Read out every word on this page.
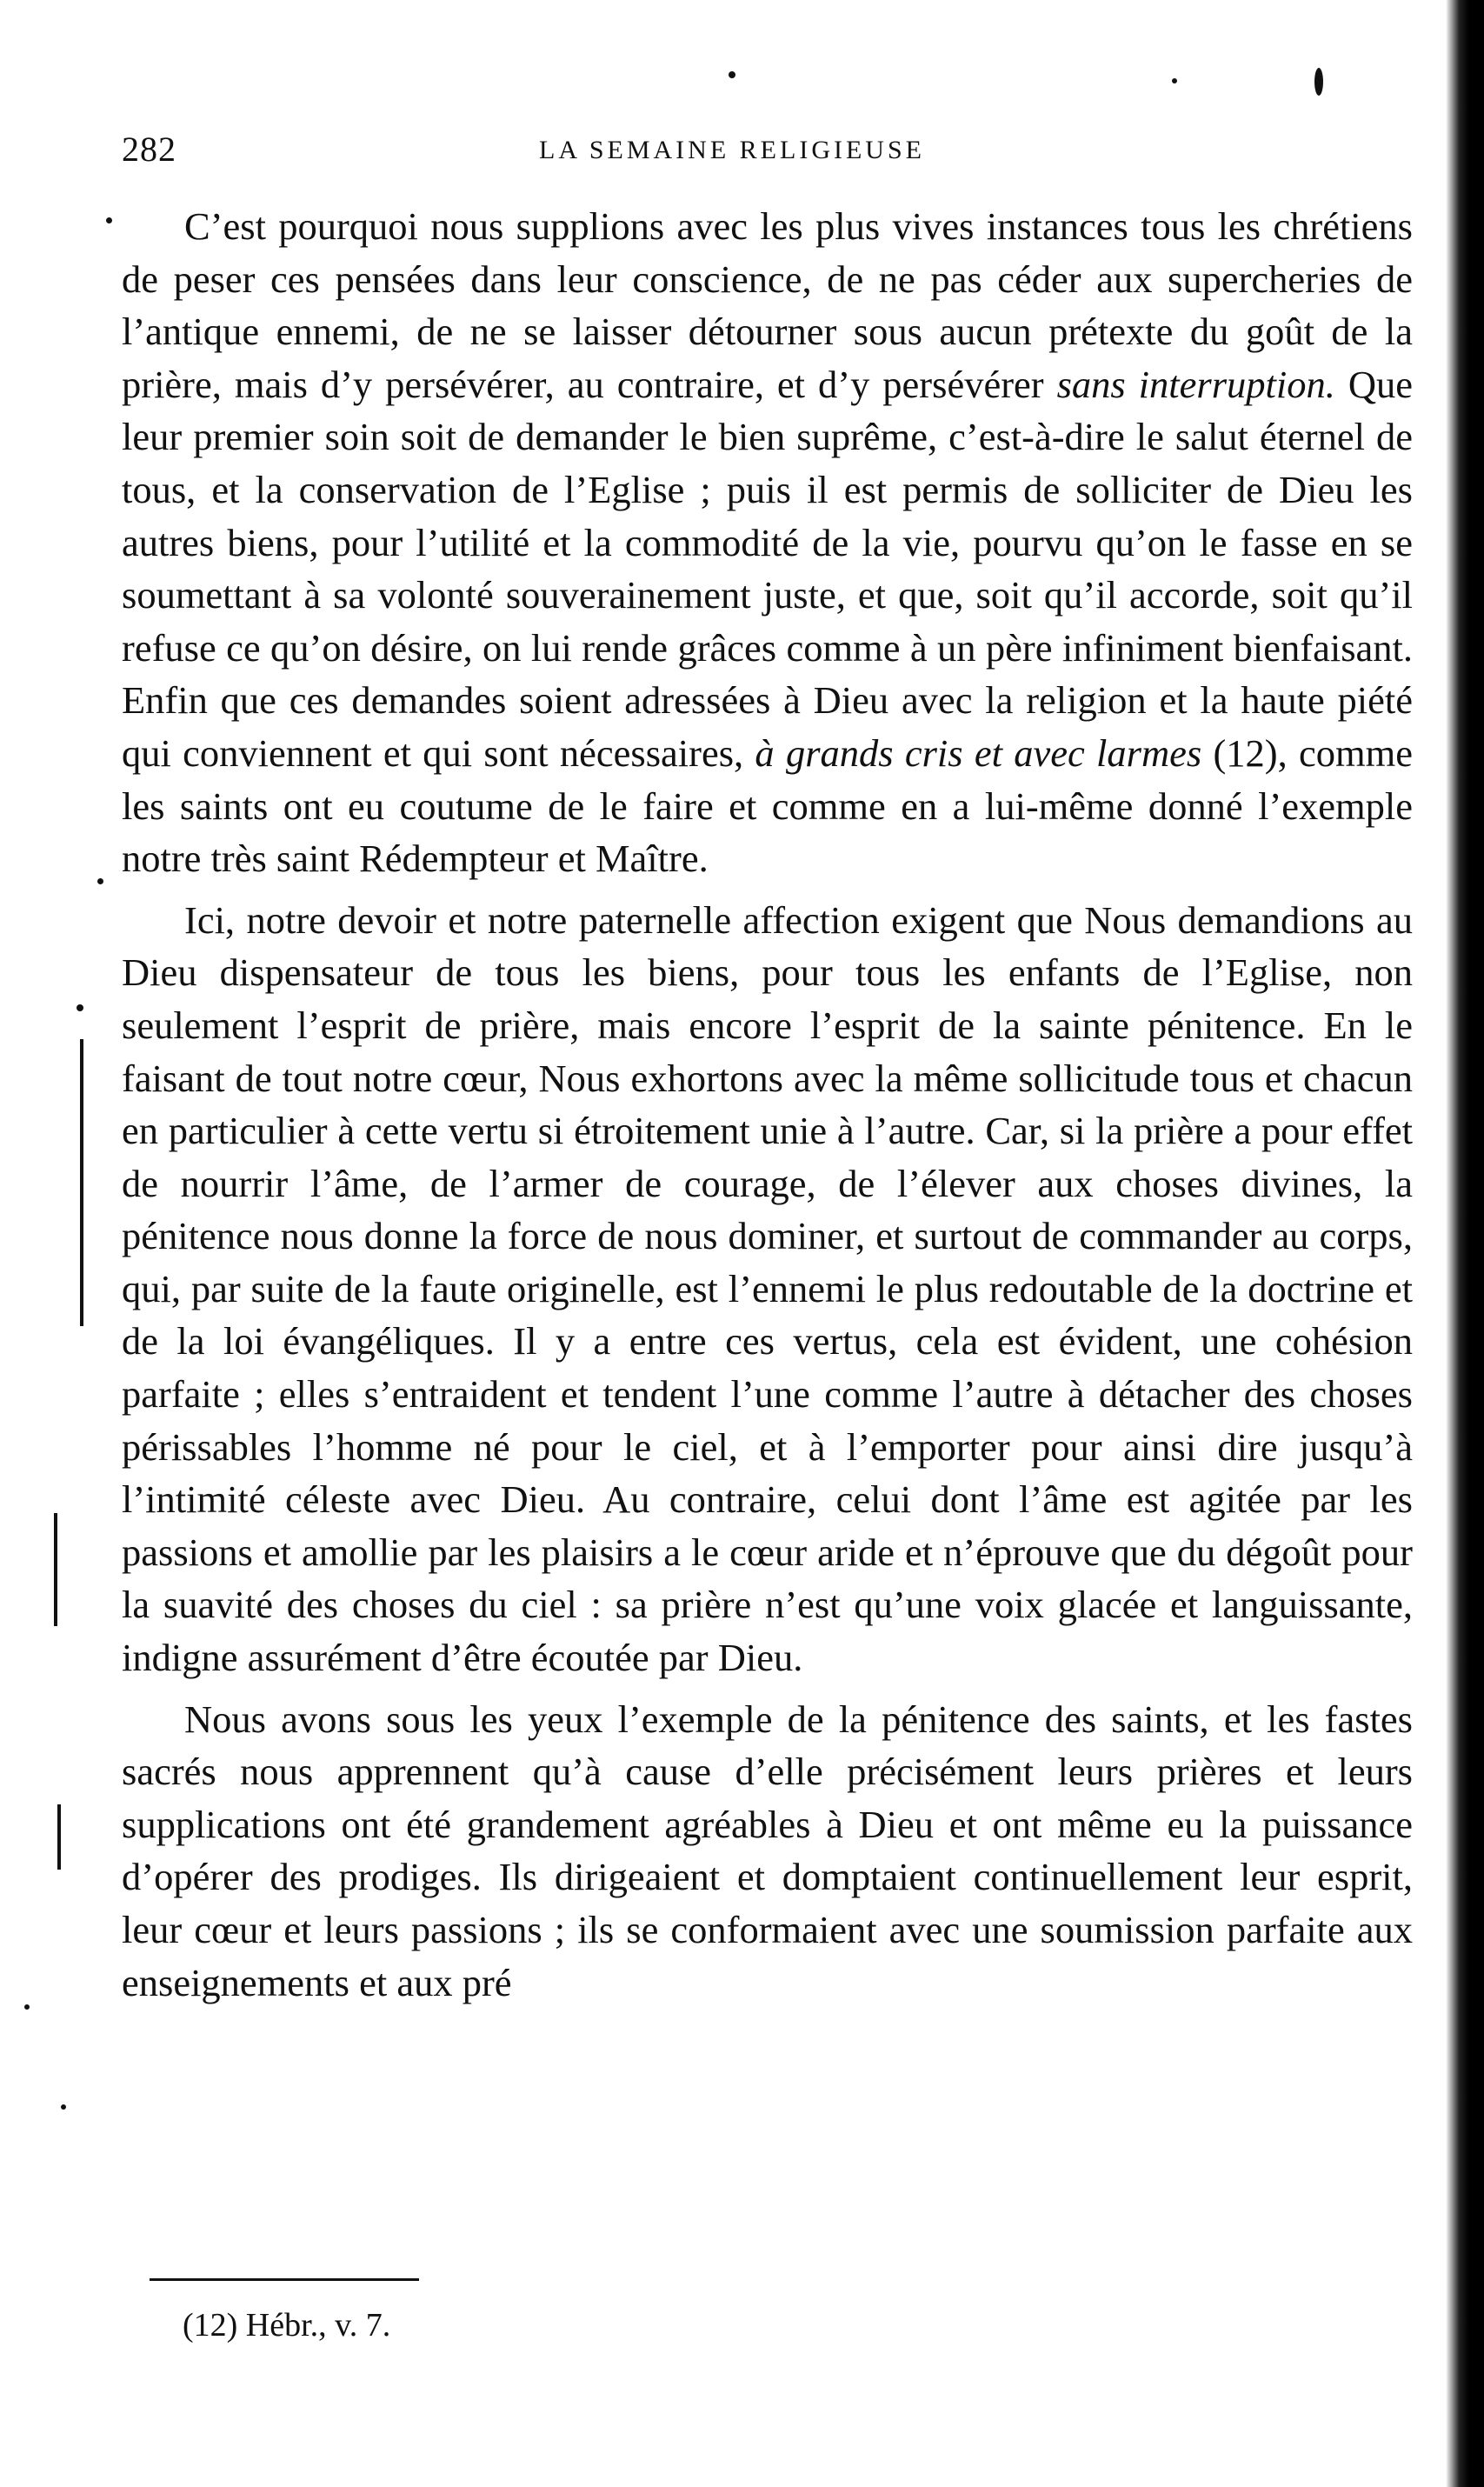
282	LA SEMAINE RELIGIEUSE

C’est pourquoi nous supplions avec les plus vives instances tous les chrétiens de peser ces pensées dans leur conscience, de ne pas céder aux supercheries de l’antique ennemi, de ne se laisser détourner sous aucun prétexte du goût de la prière, mais d’y persévérer, au contraire, et d’y persévérer sans interruption. Que leur premier soin soit de demander le bien suprême, c’est-à-dire le salut éternel de tous, et la conservation de l’Eglise ; puis il est permis de solliciter de Dieu les autres biens, pour l’utilité et la commodité de la vie, pourvu qu’on le fasse en se soumettant à sa volonté souverainement juste, et que, soit qu’il accorde, soit qu’il refuse ce qu’on désire, on lui rende grâces comme à un père infiniment bienfaisant. Enfin que ces demandes soient adressées à Dieu avec la religion et la haute piété qui conviennent et qui sont nécessaires, à grands cris et avec larmes (12), comme les saints ont eu coutume de le faire et comme en a lui-même donné l’exemple notre très saint Rédempteur et Maître.

Ici, notre devoir et notre paternelle affection exigent que Nous demandions au Dieu dispensateur de tous les biens, pour tous les enfants de l’Eglise, non seulement l’esprit de prière, mais encore l’esprit de la sainte pénitence. En le faisant de tout notre cœur, Nous exhortons avec la même sollicitude tous et chacun en particulier à cette vertu si étroitement unie à l’autre. Car, si la prière a pour effet de nourrir l’âme, de l’armer de courage, de l’élever aux choses divines, la pénitence nous donne la force de nous dominer, et surtout de commander au corps, qui, par suite de la faute originelle, est l’ennemi le plus redoutable de la doctrine et de la loi évangéliques. Il y a entre ces vertus, cela est évident, une cohésion parfaite ; elles s’entraident et tendent l’une comme l’autre à détacher des choses périssables l’homme né pour le ciel, et à l’emporter pour ainsi dire jusqu’à l’intimité céleste avec Dieu. Au contraire, celui dont l’âme est agitée par les passions et amollie par les plaisirs a le cœur aride et n’éprouve que du dégoût pour la suavité des choses du ciel : sa prière n’est qu’une voix glacée et languissante, indigne assurément d’être écoutée par Dieu.

Nous avons sous les yeux l’exemple de la pénitence des saints, et les fastes sacrés nous apprennent qu’à cause d’elle précisément leurs prières et leurs supplications ont été grandement agréables à Dieu et ont même eu la puissance d’opérer des prodiges. Ils dirigeaient et domptaient continuellement leur esprit, leur cœur et leurs passions ; ils se conformaient avec une soumission parfaite aux enseignements et aux pré

(12) Hébr., v. 7.
